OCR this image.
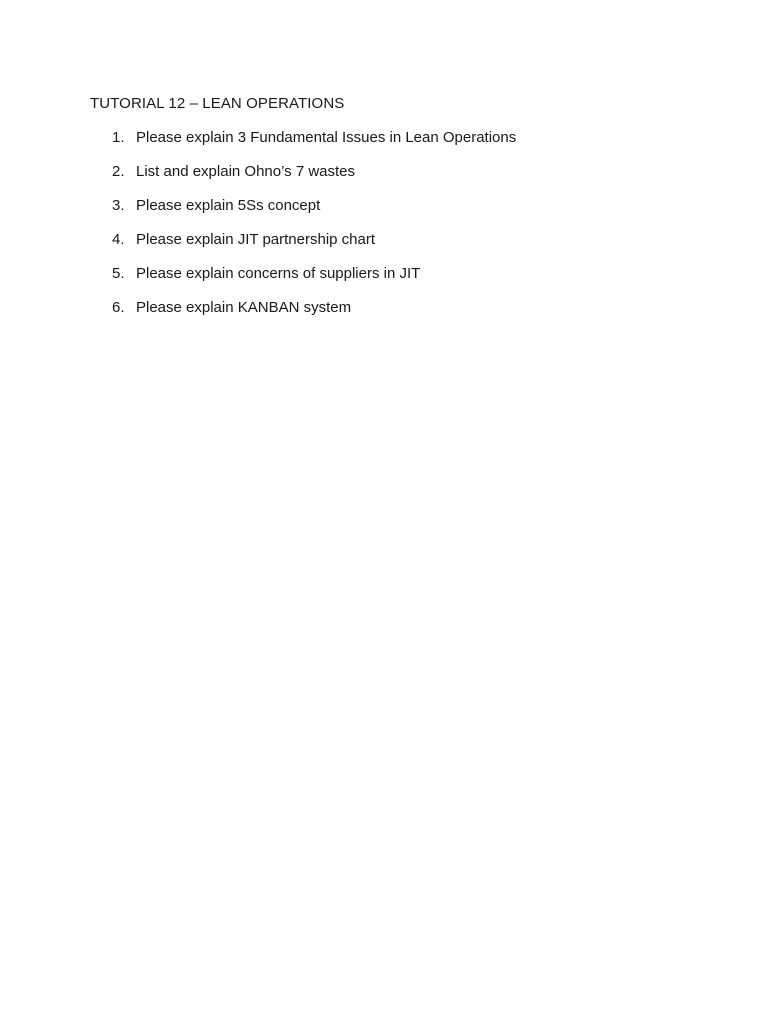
TUTORIAL 12 – LEAN OPERATIONS
1. Please explain 3 Fundamental Issues in Lean Operations
2. List and explain Ohno’s 7 wastes
3. Please explain 5Ss concept
4. Please explain JIT partnership chart
5. Please explain concerns of suppliers in JIT
6. Please explain KANBAN system
